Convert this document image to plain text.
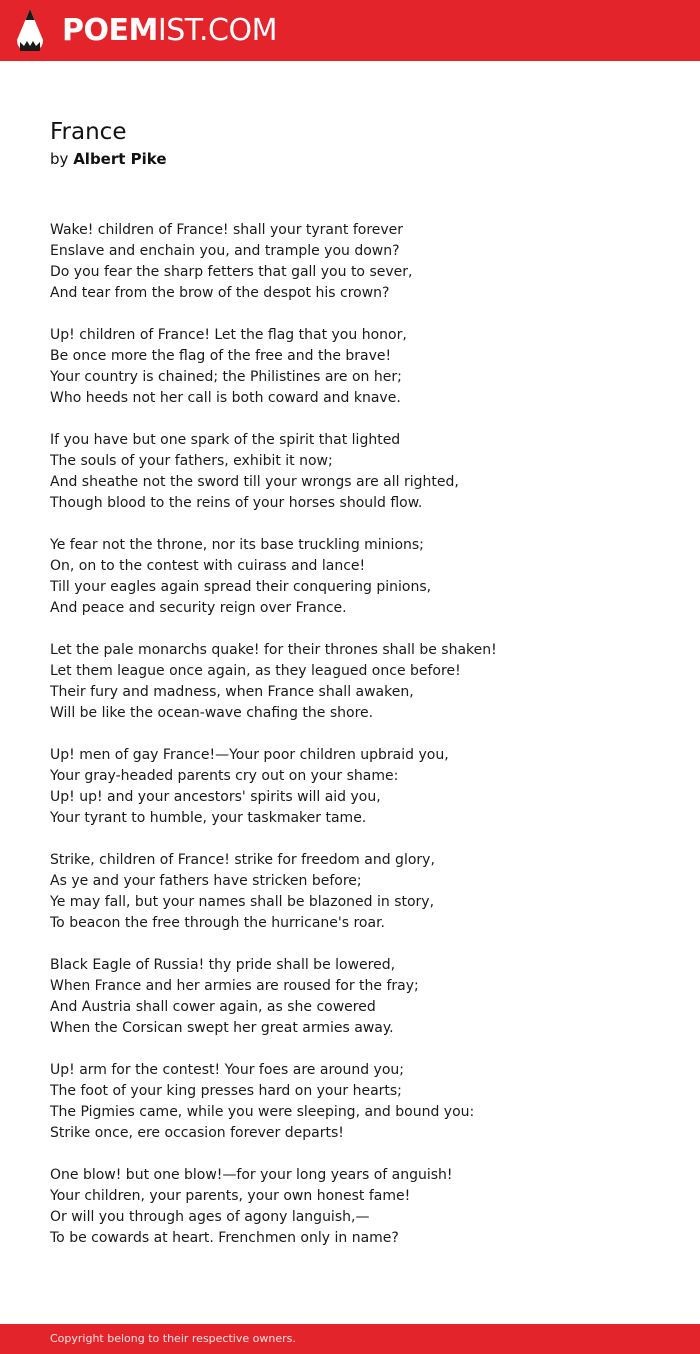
POEMIST.COM
France
by Albert Pike
Wake! children of France! shall your tyrant forever
Enslave and enchain you, and trample you down?
Do you fear the sharp fetters that gall you to sever,
And tear from the brow of the despot his crown?
Up! children of France! Let the flag that you honor,
Be once more the flag of the free and the brave!
Your country is chained; the Philistines are on her;
Who heeds not her call is both coward and knave.
If you have but one spark of the spirit that lighted
The souls of your fathers, exhibit it now;
And sheathe not the sword till your wrongs are all righted,
Though blood to the reins of your horses should flow.
Ye fear not the throne, nor its base truckling minions;
On, on to the contest with cuirass and lance!
Till your eagles again spread their conquering pinions,
And peace and security reign over France.
Let the pale monarchs quake! for their thrones shall be shaken!
Let them league once again, as they leagued once before!
Their fury and madness, when France shall awaken,
Will be like the ocean-wave chafing the shore.
Up! men of gay France!—Your poor children upbraid you,
Your gray-headed parents cry out on your shame:
Up! up! and your ancestors' spirits will aid you,
Your tyrant to humble, your taskmaker tame.
Strike, children of France! strike for freedom and glory,
As ye and your fathers have stricken before;
Ye may fall, but your names shall be blazoned in story,
To beacon the free through the hurricane's roar.
Black Eagle of Russia! thy pride shall be lowered,
When France and her armies are roused for the fray;
And Austria shall cower again, as she cowered
When the Corsican swept her great armies away.
Up! arm for the contest! Your foes are around you;
The foot of your king presses hard on your hearts;
The Pigmies came, while you were sleeping, and bound you:
Strike once, ere occasion forever departs!
One blow! but one blow!—for your long years of anguish!
Your children, your parents, your own honest fame!
Or will you through ages of agony languish,—
To be cowards at heart. Frenchmen only in name?
Copyright belong to their respective owners.
